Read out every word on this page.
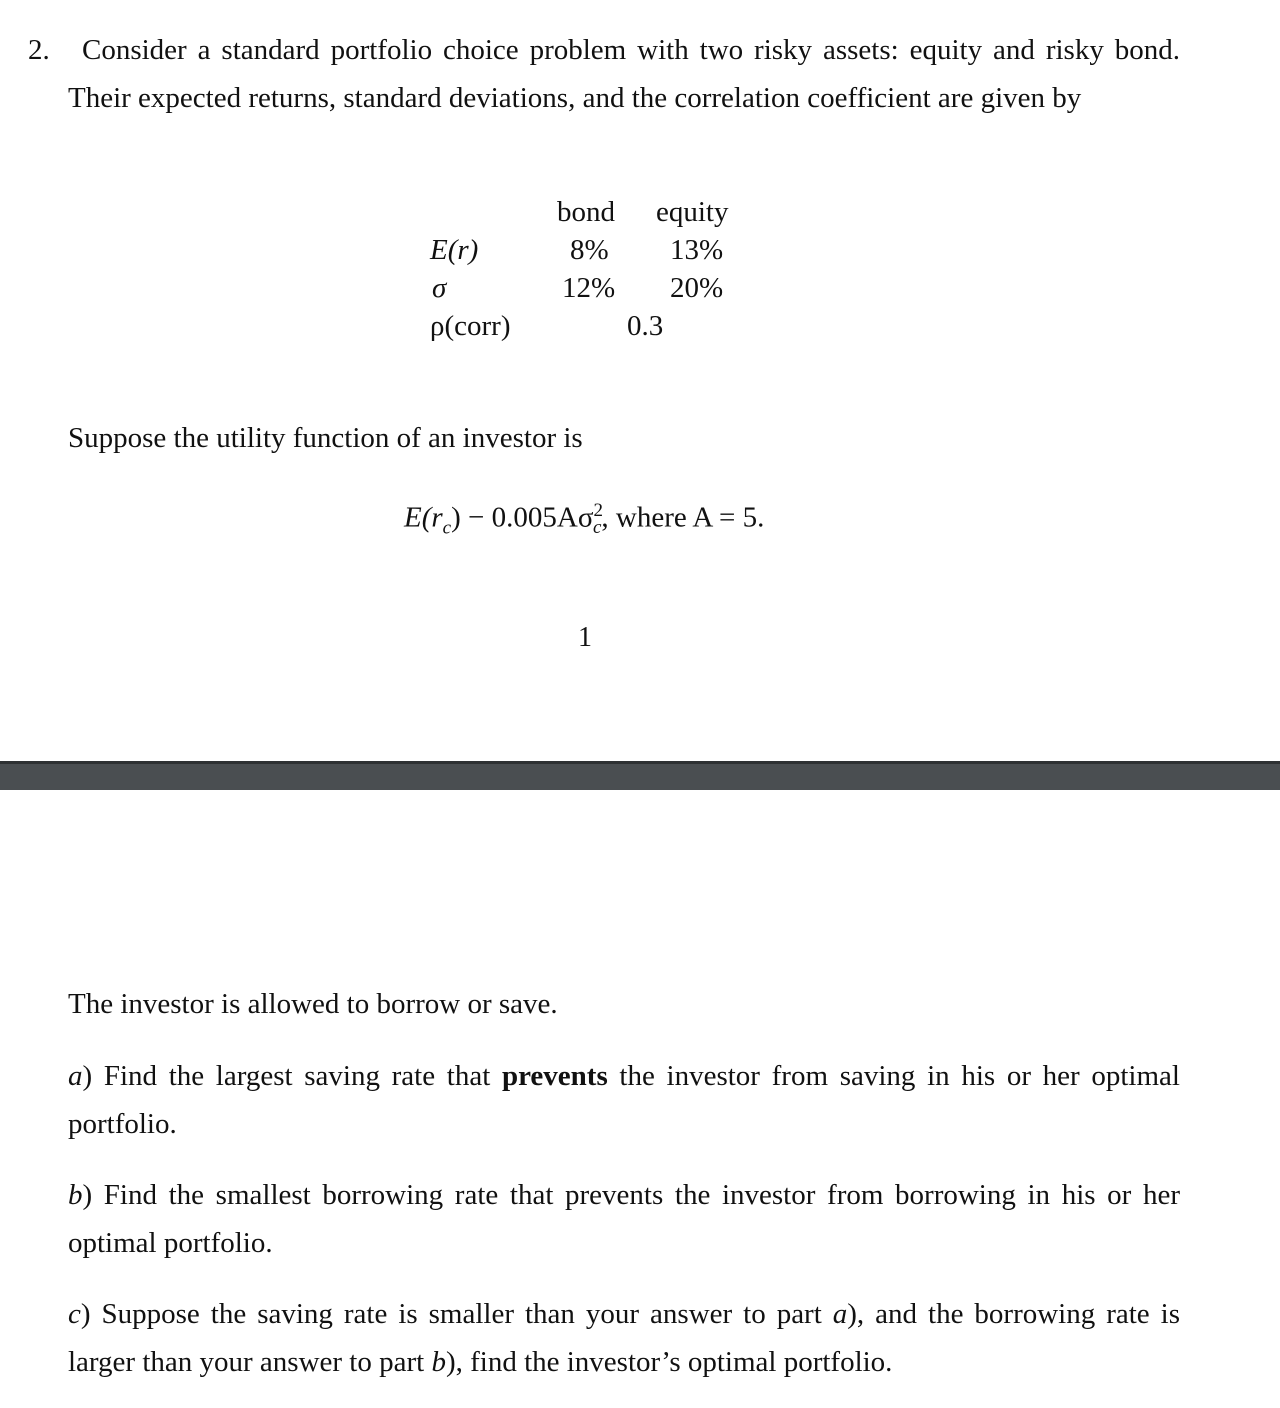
2.	Consider a standard portfolio choice problem with two risky assets: equity and risky bond. Their expected returns, standard deviations, and the correlation coefficient are given by
bond equity
E(r)	8% 13%
σ	12% 20%
ρ(corr)	0.3
Suppose the utility function of an investor is
$E(r_c) - 0.005A\sigma^2_c$, where A = 5.
1
The investor is allowed to borrow or save.
a) Find the largest saving rate that prevents the investor from saving in his or her optimal portfolio.
b) Find the smallest borrowing rate that prevents the investor from borrowing in his or her optimal portfolio.
c) Suppose the saving rate is smaller than your answer to part a), and the borrowing rate is larger than your answer to part b), find the investor’s optimal portfolio.
